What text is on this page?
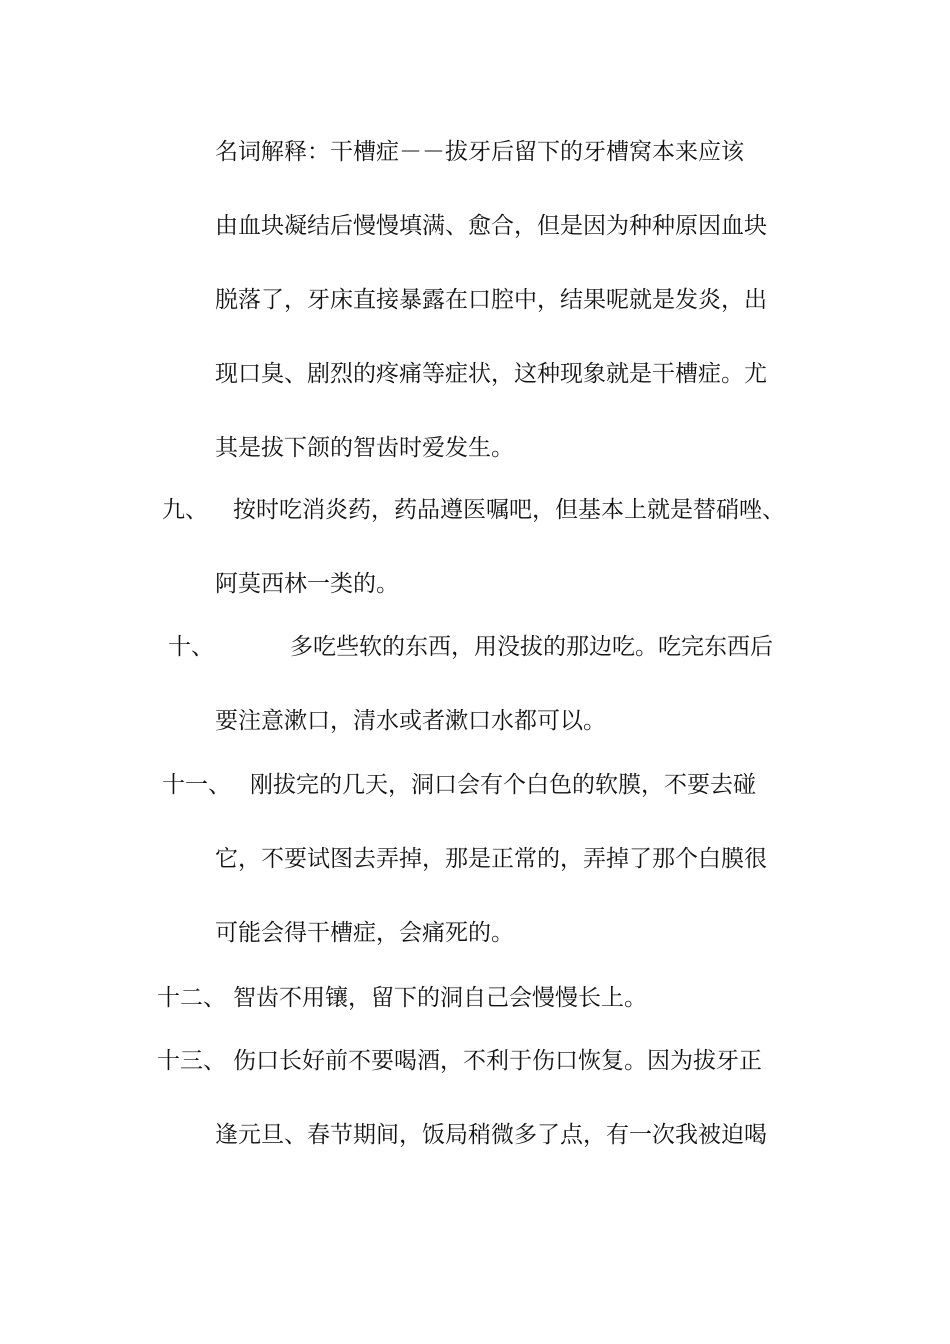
名词解释：干槽症－－拔牙后留下的牙槽窝本来应该
由血块凝结后慢慢填满、愈合，但是因为种种原因血块
脱落了，牙床直接暴露在口腔中，结果呢就是发炎，出
现口臭、剧烈的疼痛等症状，这种现象就是干槽症。尤
其是拔下颌的智齿时爱发生。
九、 按时吃消炎药，药品遵医嘱吧，但基本上就是替硝唑、
阿莫西林一类的。
十、	多吃些软的东西，用没拔的那边吃。吃完东西后
要注意漱口，清水或者漱口水都可以。
十一、 刚拔完的几天，洞口会有个白色的软膜，不要去碰
它，不要试图去弄掉，那是正常的，弄掉了那个白膜很
可能会得干槽症，会痛死的。
十二、 智齿不用镶，留下的洞自己会慢慢长上。
十三、 伤口长好前不要喝酒，不利于伤口恢复。因为拔牙正
逢元旦、春节期间，饭局稍微多了点，有一次我被迫喝
